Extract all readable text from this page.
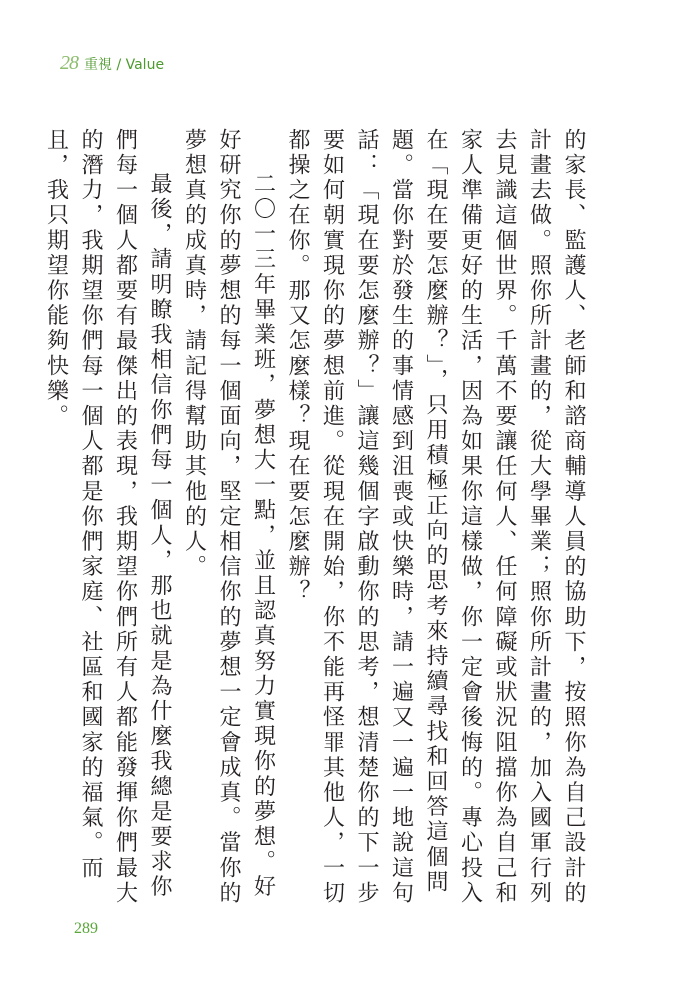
28 重視 / Value

的家長、監護人、老師和諮商輔導人員的協助下，按照你為自己設計的計畫去做。照你所計畫的，從大學畢業；照你所計畫的，加入國軍行列去見識這個世界。千萬不要讓任何人、任何障礙或狀況阻擋你為自己和家人準備更好的生活，因為如果你這樣做，你一定會後悔的。專心投入在「現在要怎麼辦？」，只用積極正向的思考來持續尋找和回答這個問題。當你對於發生的事情感到沮喪或快樂時，請一遍又一遍一地說這句話：「現在要怎麼辦？」讓這幾個字啟動你的思考，想清楚你的下一步要如何朝實現你的夢想前進。從現在開始，你不能再怪罪其他人，一切都操之在你。那又怎麼樣？現在要怎麼辦？

二〇一三年畢業班，夢想大一點，並且認真努力實現你的夢想。好好研究你的夢想的每一個面向，堅定相信你的夢想一定會成真。當你的夢想真的成真時，請記得幫助其他的人。

最後，請明瞭我相信你們每一個人，那也就是為什麼我總是要求你們每一個人都要有最傑出的表現，我期望你們所有人都能發揮你們最大的潛力，我期望你們每一個人都是你們家庭、社區和國家的福氣。而且，我只期望你能夠快樂。

289
